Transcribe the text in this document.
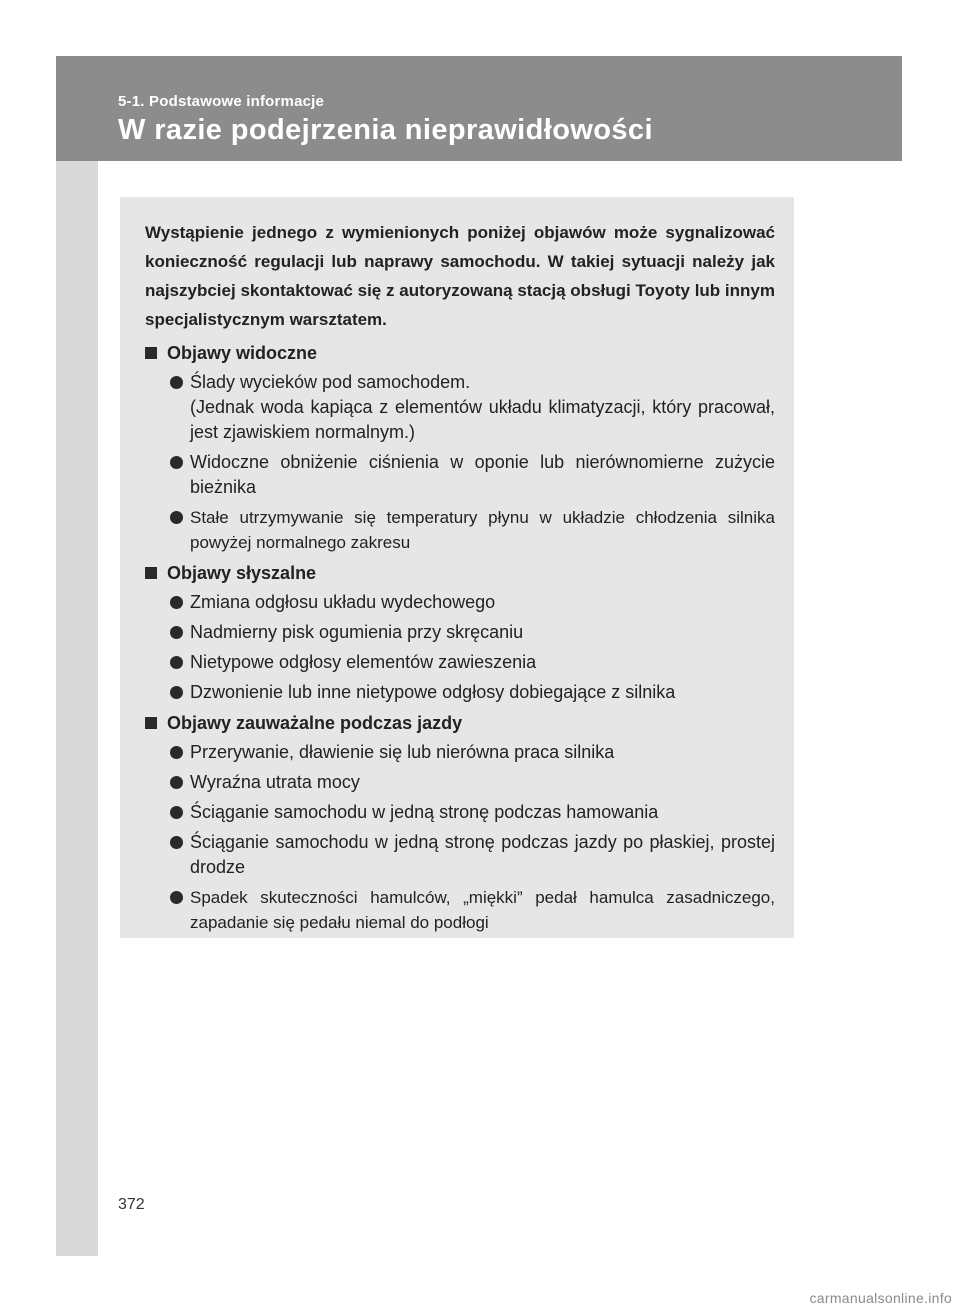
5-1. Podstawowe informacje
W razie podejrzenia nieprawidłowości

Wystąpienie jednego z wymienionych poniżej objawów może sygnalizować konieczność regulacji lub naprawy samochodu. W takiej sytuacji należy jak najszybciej skontaktować się z autoryzowaną stacją obsługi Toyoty lub innym specjalistycznym warsztatem.

Objawy widoczne
Ślady wycieków pod samochodem.
(Jednak woda kapiąca z elementów układu klimatyzacji, który pracował, jest zjawiskiem normalnym.)
Widoczne obniżenie ciśnienia w oponie lub nierównomierne zużycie bieżnika
Stałe utrzymywanie się temperatury płynu w układzie chłodzenia silnika powyżej normalnego zakresu
Objawy słyszalne
Zmiana odgłosu układu wydechowego
Nadmierny pisk ogumienia przy skręcaniu
Nietypowe odgłosy elementów zawieszenia
Dzwonienie lub inne nietypowe odgłosy dobiegające z silnika
Objawy zauważalne podczas jazdy
Przerywanie, dławienie się lub nierówna praca silnika
Wyraźna utrata mocy
Ściąganie samochodu w jedną stronę podczas hamowania
Ściąganie samochodu w jedną stronę podczas jazdy po płaskiej, prostej drodze
Spadek skuteczności hamulców, „miękki” pedał hamulca zasadniczego, zapadanie się pedału niemal do podłogi
372
carmanualsonline.info
